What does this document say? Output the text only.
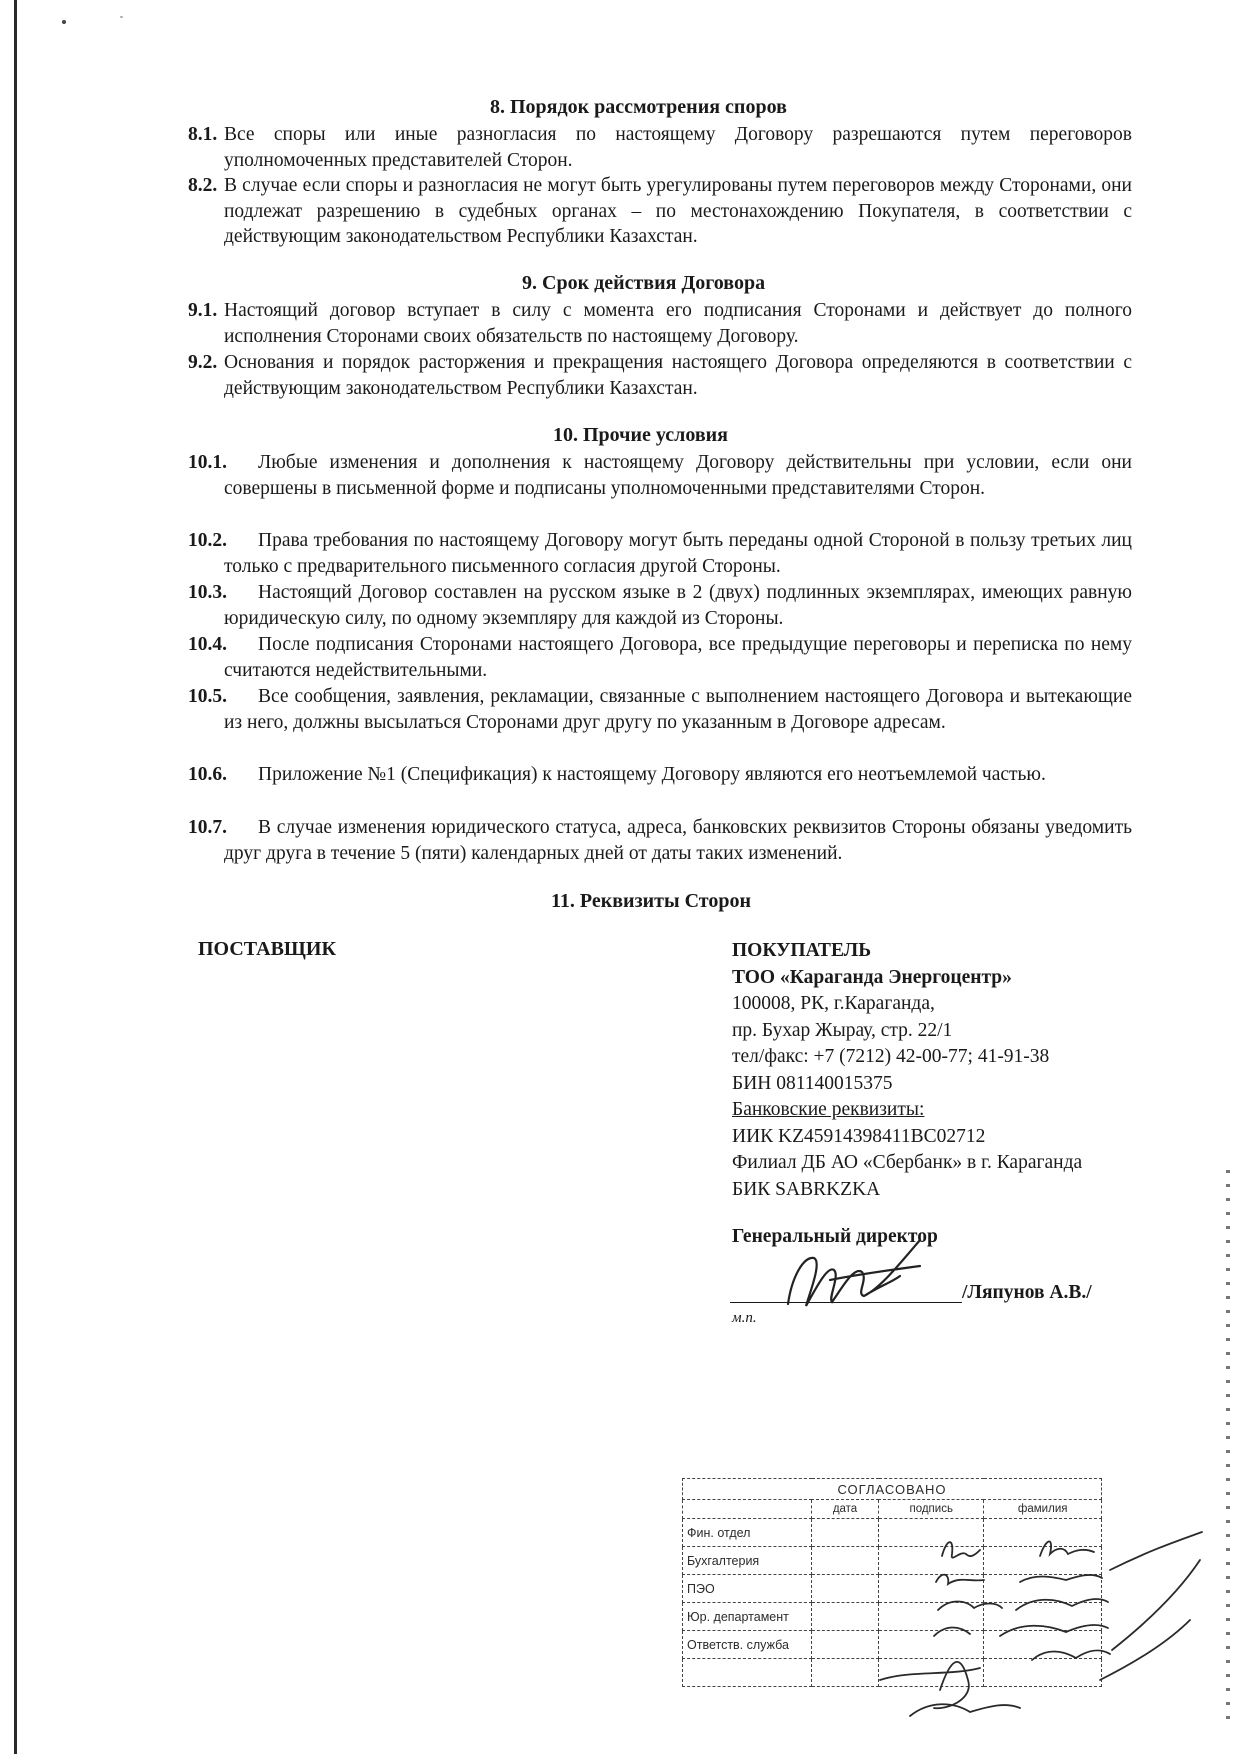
8. Порядок рассмотрения споров
8.1. Все споры или иные разногласия по настоящему Договору разрешаются путем переговоров уполномоченных представителей Сторон.
8.2. В случае если споры и разногласия не могут быть урегулированы путем переговоров между Сторонами, они подлежат разрешению в судебных органах – по местонахождению Покупателя, в соответствии с действующим законодательством Республики Казахстан.
9. Срок действия Договора
9.1. Настоящий договор вступает в силу с момента его подписания Сторонами и действует до полного исполнения Сторонами своих обязательств по настоящему Договору.
9.2. Основания и порядок расторжения и прекращения настоящего Договора определяются в соответствии с действующим законодательством Республики Казахстан.
10. Прочие условия
10.1.	Любые изменения и дополнения к настоящему Договору действительны при условии, если они совершены в письменной форме и подписаны уполномоченными представителями Сторон.
10.2.	Права требования по настоящему Договору могут быть переданы одной Стороной в пользу третьих лиц только с предварительного письменного согласия другой Стороны.
10.3.	Настоящий Договор составлен на русском языке в 2 (двух) подлинных экземплярах, имеющих равную юридическую силу, по одному экземпляру для каждой из Стороны.
10.4.	После подписания Сторонами настоящего Договора, все предыдущие переговоры и переписка по нему считаются недействительными.
10.5.	Все сообщения, заявления, рекламации, связанные с выполнением настоящего Договора и вытекающие из него, должны высылаться Сторонами друг другу по указанным в Договоре адресам.
10.6.	Приложение №1 (Спецификация) к настоящему Договору являются его неотъемлемой частью.
10.7.	В случае изменения юридического статуса, адреса, банковских реквизитов Стороны обязаны уведомить друг друга в течение 5 (пяти) календарных дней от даты таких изменений.
11. Реквизиты Сторон
ПОСТАВЩИК	ПОКУПАТЕЛЬ
ТОО «Караганда Энергоцентр»
100008, РК, г.Караганда,
пр. Бухар Жырау, стр. 22/1
тел/факс: +7 (7212) 42-00-77; 41-91-38
БИН 081140015375
Банковские реквизиты:
ИИК KZ45914398411BC02712
Филиал ДБ АО «Сбербанк» в г. Караганда
БИК SABRKZKA
Генеральный директор
/Ляпунов А.В./
м.п.
СОГЛАСОВАНО			
	дата	подпись	фамилия
Фин. отдел			
Бухгалтерия			
ПЭО			
Юр. департамент			
Ответств. служба			
